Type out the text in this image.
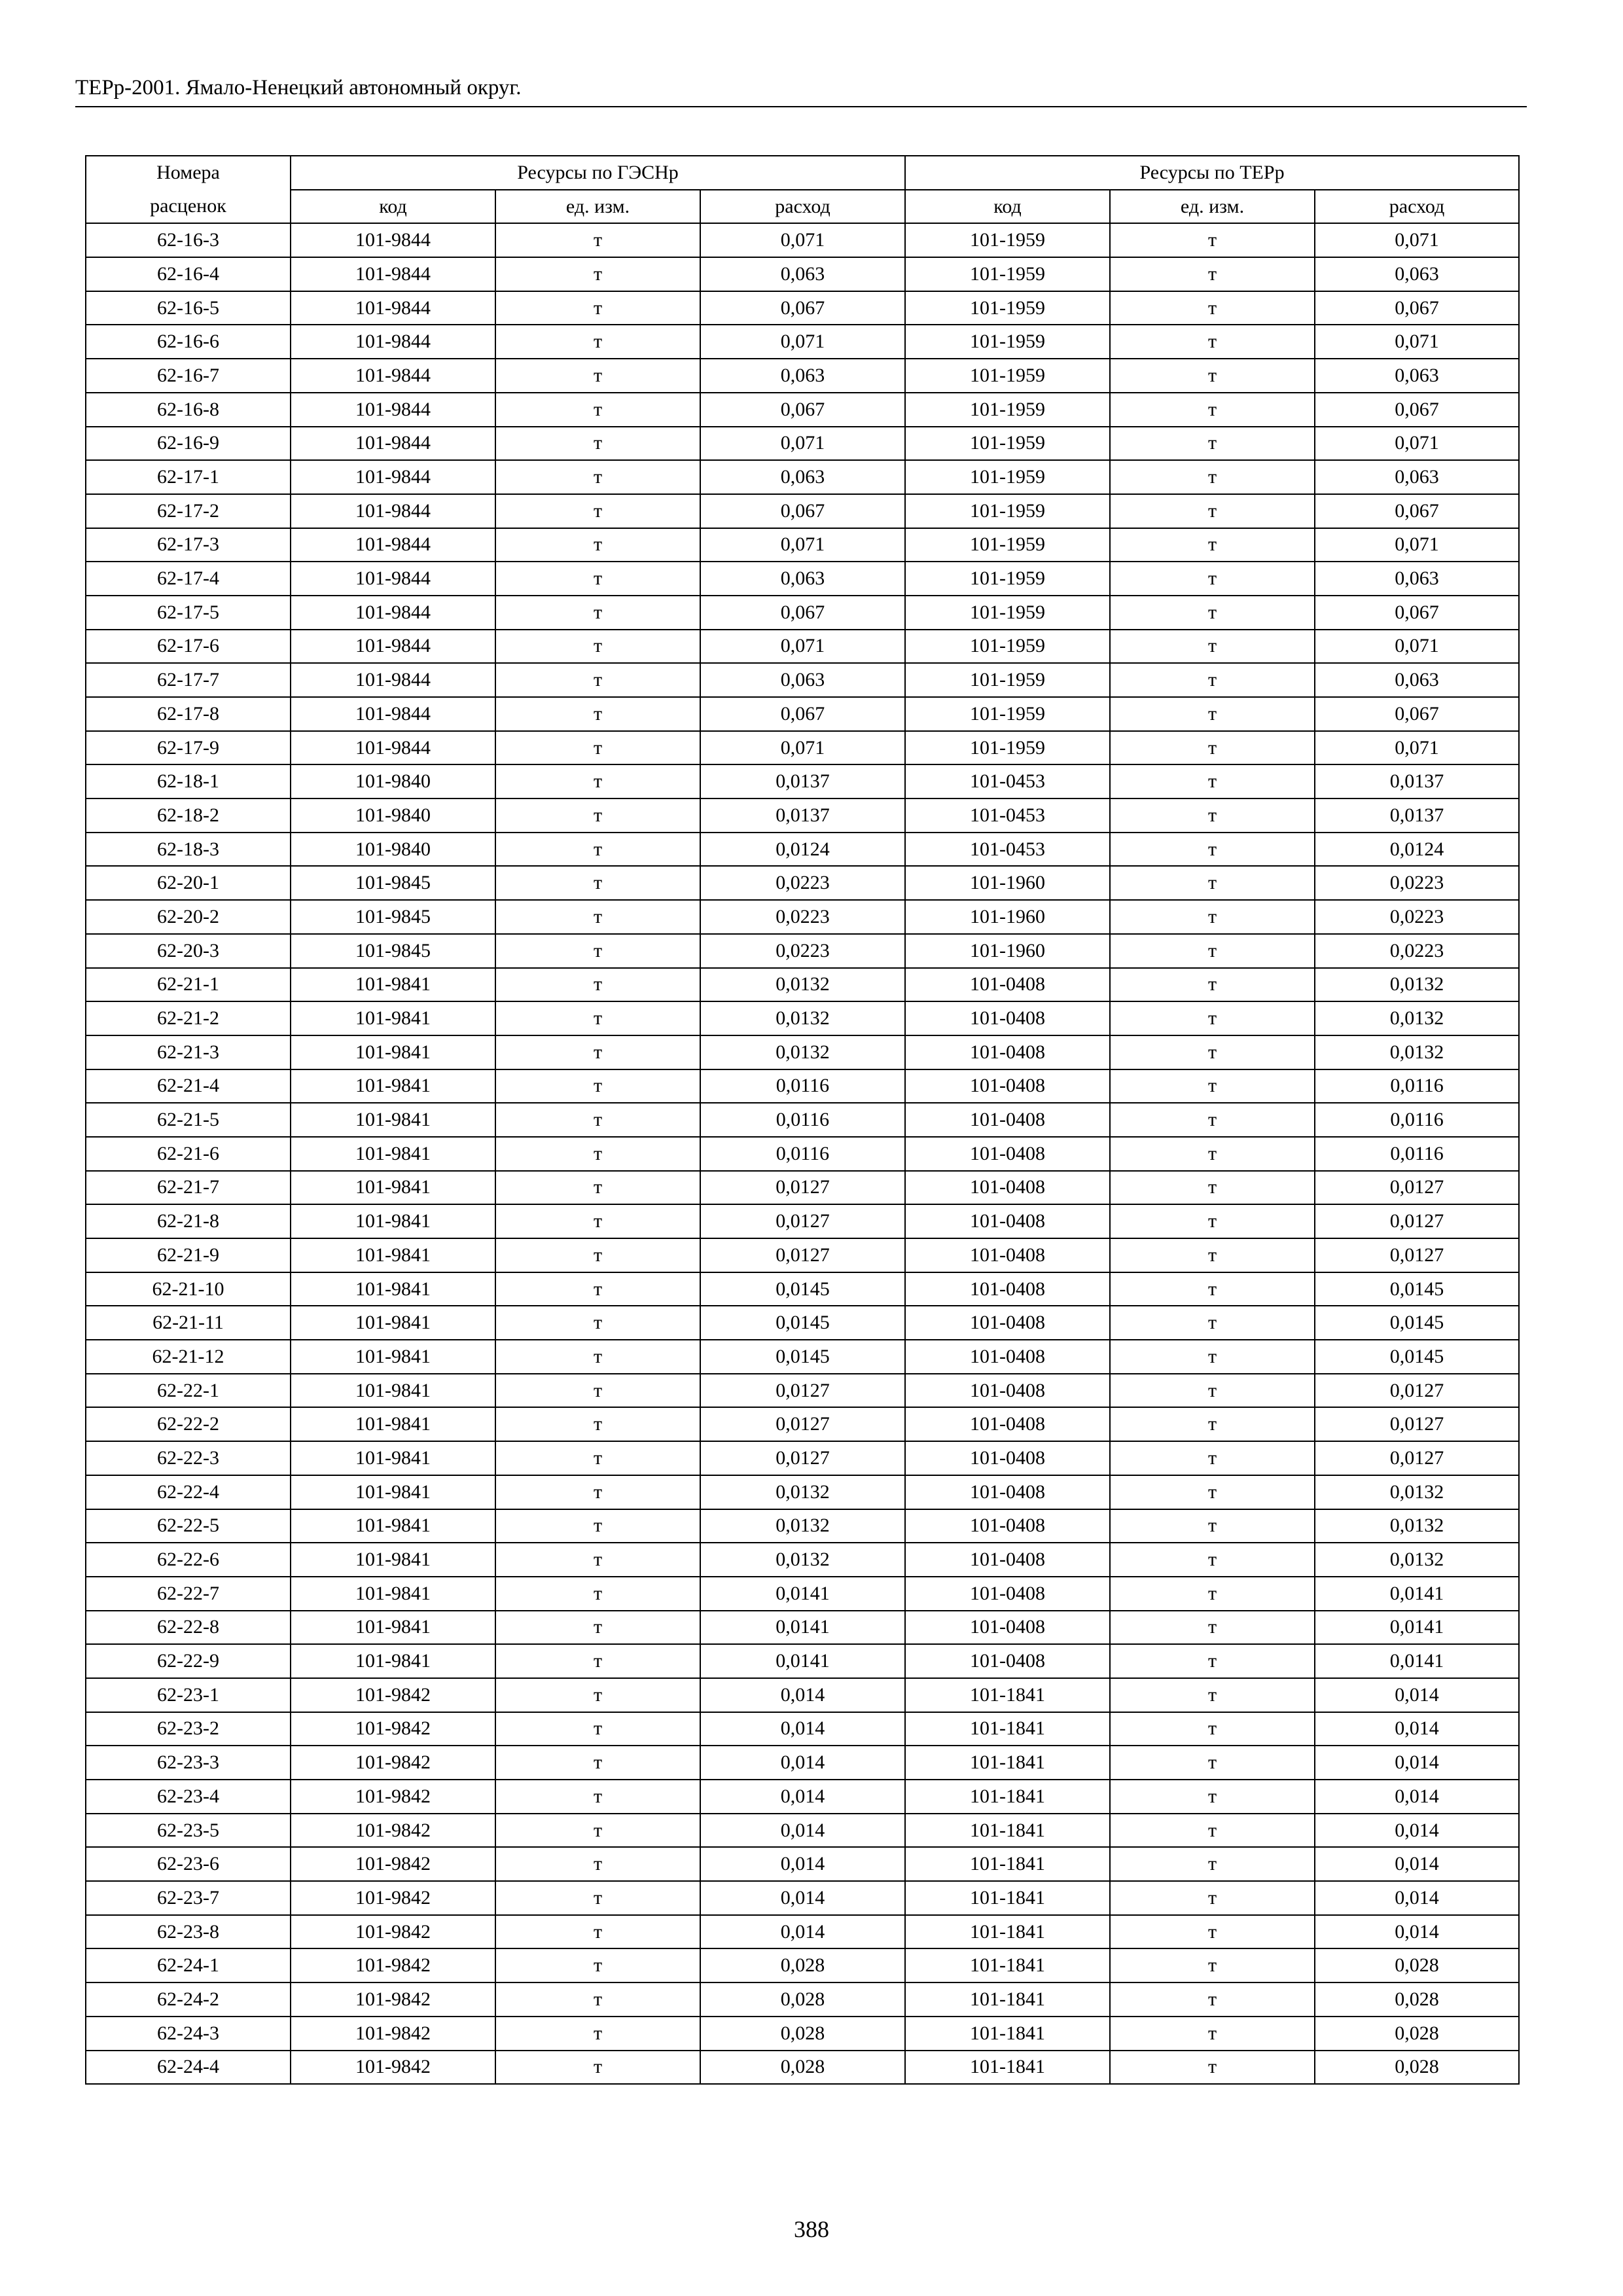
ТЕРр-2001. Ямало-Ненецкий автономный округ.
Номера	Ресурсы по ГЭСНр			Ресурсы по ТЕРр		
расценок	код	ед. изм.	расход	код	ед. изм.	расход
62-16-3	101-9844	т	0,071	101-1959	т	0,071
62-16-4	101-9844	т	0,063	101-1959	т	0,063
62-16-5	101-9844	т	0,067	101-1959	т	0,067
62-16-6	101-9844	т	0,071	101-1959	т	0,071
62-16-7	101-9844	т	0,063	101-1959	т	0,063
62-16-8	101-9844	т	0,067	101-1959	т	0,067
62-16-9	101-9844	т	0,071	101-1959	т	0,071
62-17-1	101-9844	т	0,063	101-1959	т	0,063
62-17-2	101-9844	т	0,067	101-1959	т	0,067
62-17-3	101-9844	т	0,071	101-1959	т	0,071
62-17-4	101-9844	т	0,063	101-1959	т	0,063
62-17-5	101-9844	т	0,067	101-1959	т	0,067
62-17-6	101-9844	т	0,071	101-1959	т	0,071
62-17-7	101-9844	т	0,063	101-1959	т	0,063
62-17-8	101-9844	т	0,067	101-1959	т	0,067
62-17-9	101-9844	т	0,071	101-1959	т	0,071
62-18-1	101-9840	т	0,0137	101-0453	т	0,0137
62-18-2	101-9840	т	0,0137	101-0453	т	0,0137
62-18-3	101-9840	т	0,0124	101-0453	т	0,0124
62-20-1	101-9845	т	0,0223	101-1960	т	0,0223
62-20-2	101-9845	т	0,0223	101-1960	т	0,0223
62-20-3	101-9845	т	0,0223	101-1960	т	0,0223
62-21-1	101-9841	т	0,0132	101-0408	т	0,0132
62-21-2	101-9841	т	0,0132	101-0408	т	0,0132
62-21-3	101-9841	т	0,0132	101-0408	т	0,0132
62-21-4	101-9841	т	0,0116	101-0408	т	0,0116
62-21-5	101-9841	т	0,0116	101-0408	т	0,0116
62-21-6	101-9841	т	0,0116	101-0408	т	0,0116
62-21-7	101-9841	т	0,0127	101-0408	т	0,0127
62-21-8	101-9841	т	0,0127	101-0408	т	0,0127
62-21-9	101-9841	т	0,0127	101-0408	т	0,0127
62-21-10	101-9841	т	0,0145	101-0408	т	0,0145
62-21-11	101-9841	т	0,0145	101-0408	т	0,0145
62-21-12	101-9841	т	0,0145	101-0408	т	0,0145
62-22-1	101-9841	т	0,0127	101-0408	т	0,0127
62-22-2	101-9841	т	0,0127	101-0408	т	0,0127
62-22-3	101-9841	т	0,0127	101-0408	т	0,0127
62-22-4	101-9841	т	0,0132	101-0408	т	0,0132
62-22-5	101-9841	т	0,0132	101-0408	т	0,0132
62-22-6	101-9841	т	0,0132	101-0408	т	0,0132
62-22-7	101-9841	т	0,0141	101-0408	т	0,0141
62-22-8	101-9841	т	0,0141	101-0408	т	0,0141
62-22-9	101-9841	т	0,0141	101-0408	т	0,0141
62-23-1	101-9842	т	0,014	101-1841	т	0,014
62-23-2	101-9842	т	0,014	101-1841	т	0,014
62-23-3	101-9842	т	0,014	101-1841	т	0,014
62-23-4	101-9842	т	0,014	101-1841	т	0,014
62-23-5	101-9842	т	0,014	101-1841	т	0,014
62-23-6	101-9842	т	0,014	101-1841	т	0,014
62-23-7	101-9842	т	0,014	101-1841	т	0,014
62-23-8	101-9842	т	0,014	101-1841	т	0,014
62-24-1	101-9842	т	0,028	101-1841	т	0,028
62-24-2	101-9842	т	0,028	101-1841	т	0,028
62-24-3	101-9842	т	0,028	101-1841	т	0,028
62-24-4	101-9842	т	0,028	101-1841	т	0,028
388
